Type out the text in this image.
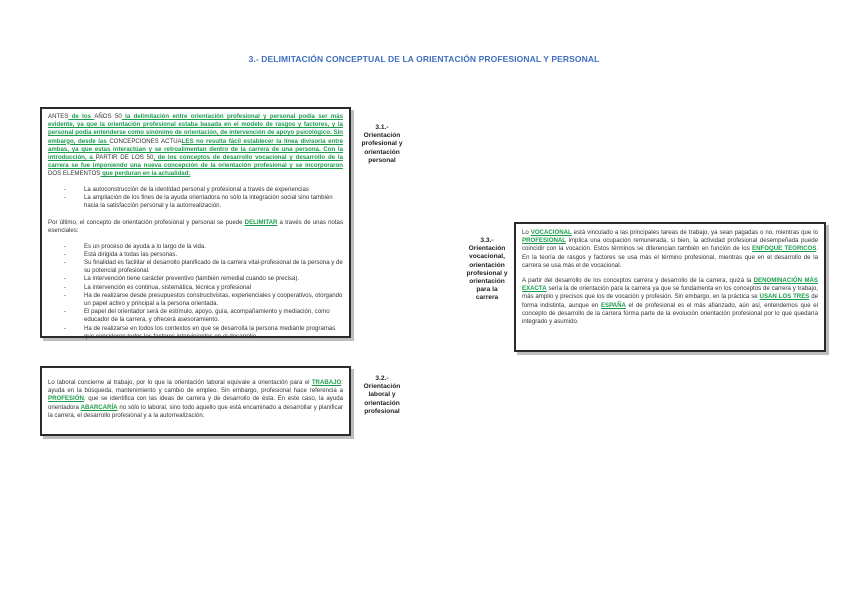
3.- DELIMITACIÓN CONCEPTUAL DE LA ORIENTACIÓN PROFESIONAL Y PERSONAL

ANTES de los AÑOS 50 la delimitación entre orientación profesional y personal podía ser más evidente, ya que la orientación profesional estaba basada en el modelo de rasgos y factores, y la personal podía entenderse como sinónimo de orientación, de intervención de apoyo psicológico. Sin embargo, desde las CONCEPCIONES ACTUALES no resulta fácil establecer la línea divisoria entre ambas, ya que estas interactúan y se retroalimentan dentro de la carrera de una persona. Con la introducción, a PARTIR DE LOS 50, de los conceptos de desarrollo vocacional y desarrollo de la carrera se fue imponiendo una nueva concepción de la orientación profesional y se incorporaron DOS ELEMENTOS que perduran en la actualidad:

- La autoconstrucción de la identidad personal y profesional a través de experiencias
- La ampliación de los fines de la ayuda orientadora no sólo la integración social sino también hacia la satisfacción personal y la autorrealización.

Por último, el concepto de orientación profesional y personal se puede DELIMITAR a través de unas notas esenciales:

- Es un proceso de ayuda a lo largo de la vida.
- Está dirigida a todas las personas.
- Su finalidad es facilitar el desarrollo planificado de la carrera vital-profesional de la persona y de su potencial profesional.
- La intervención tiene carácter preventivo (también remedial cuando se precisa).
- La intervención es continua, sistemática, técnica y profesional
- Ha de realizarse desde presupuestos constructivistas, experienciales y cooperativos, otorgando un papel activo y principal a la persona orientada.
- El papel del orientador será de estímulo, apoyo, guía, acompañamiento y mediación, como educador de la carrera, y ofrecerá asesoramiento.
- Ha de realizarse en todos los contextos en que se desarrolla la persona mediante programas que consideren todos los factores intervinientes en el desarrollo.
3.1.-
Orientación
profesional y
orientación
personal

Lo laboral concierne al trabajo, por lo que la orientación laboral equivale a orientación para el TRABAJO: ayuda en la búsqueda, mantenimiento y cambio de empleo. Sin embargo, profesional hace referencia a PROFESIÓN, que se identifica con las ideas de carrera y de desarrollo de ésta. En este caso, la ayuda orientadora ABARCARÍA no sólo lo laboral, sino todo aquello que está encaminado a desarrollar y planificar la carrera, el desarrollo profesional y a la autorrealización.

3.2.-
Orientación
laboral y
orientación
profesional
3.3.-
Orientación
vocacional,
orientación
profesional y
orientación
para la
carrera

Lo VOCACIONAL está vinculado a las principales tareas de trabajo, ya sean pagadas o no, mientras que lo PROFESIONAL implica una ocupación remunerada, si bien, la actividad profesional desempeñada puede coincidir con la vocación. Estos términos se diferencian también en función de los ENFOQUE TEORICOS. En la teoría de rasgos y factores se usa más el término profesional, mientras que en el desarrollo de la carrera se usa más el de vocacional.

A partir del desarrollo de los conceptos carrera y desarrollo de la carrera, quizá la DENOMINACIÓN MÁS EXACTA sería la de orientación para la carrera ya que se fundamenta en los conceptos de carrera y trabajo, más amplio y precisos que los de vocación y profesión. Sin embargo, en la práctica se USAN LOS TRES de forma indistinta, aunque en ESPAÑA el de profesional es el más afianzado, aún así, entendemos que el concepto de desarrollo de la carrera forma parte de la evolución orientación profesional por lo que quedaría integrado y asumido.
